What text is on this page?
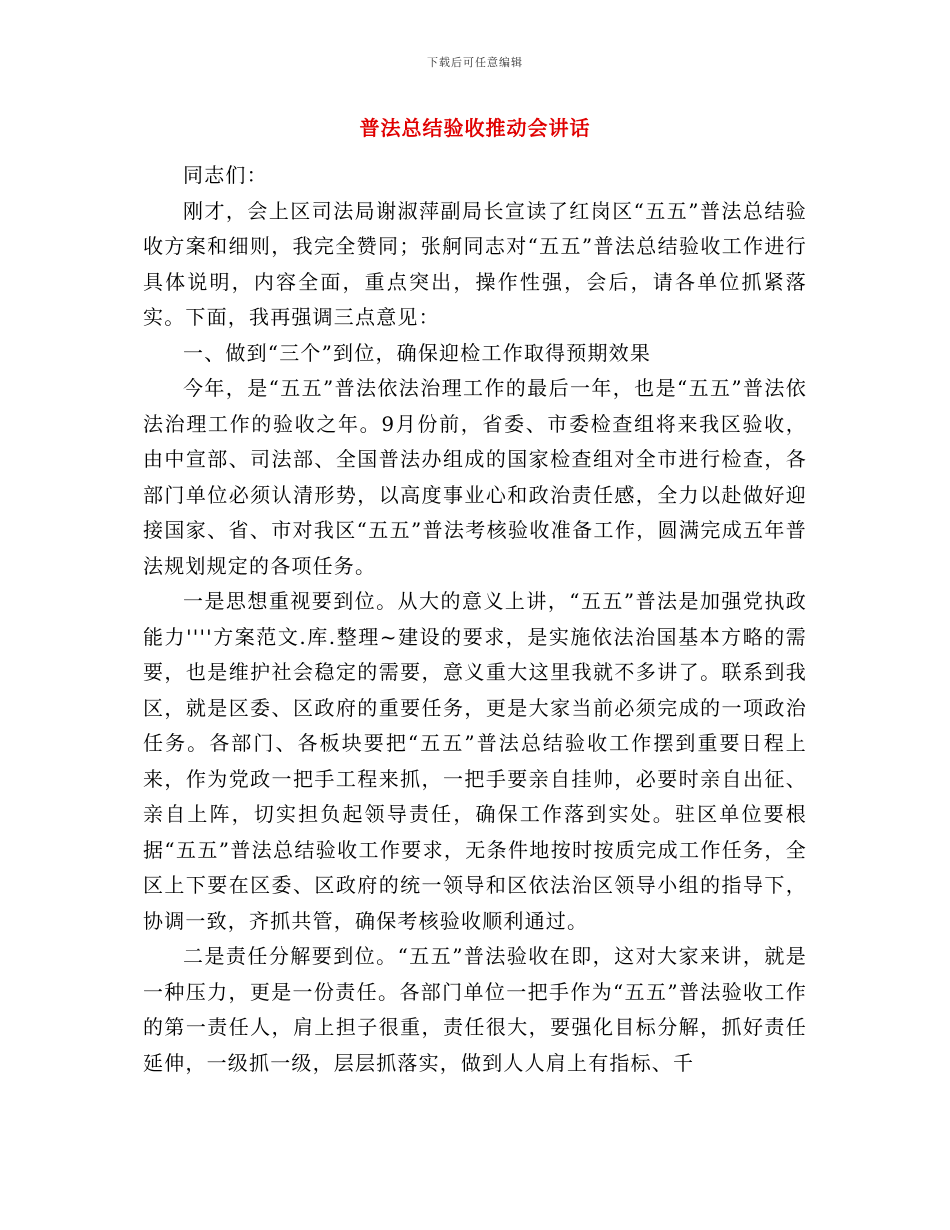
下载后可任意编辑
普法总结验收推动会讲话

同志们：

刚才，会上区司法局谢淑萍副局长宣读了红岗区“五五”普法总结验收方案和细则，我完全赞同；张舸同志对“五五”普法总结验收工作进行具体说明，内容全面，重点突出，操作性强，会后，请各单位抓紧落实。下面，我再强调三点意见：

一、做到“三个”到位，确保迎检工作取得预期效果

今年，是“五五”普法依法治理工作的最后一年，也是“五五”普法依法治理工作的验收之年。9月份前，省委、市委检查组将来我区验收，由中宣部、司法部、全国普法办组成的国家检查组对全市进行检查，各部门单位必须认清形势，以高度事业心和政治责任感，全力以赴做好迎接国家、省、市对我区“五五”普法考核验收准备工作，圆满完成五年普法规划规定的各项任务。

一是思想重视要到位。从大的意义上讲，“五五”普法是加强党执政能力''''方案范文.库.整理~建设的要求，是实施依法治国基本方略的需要，也是维护社会稳定的需要，意义重大这里我就不多讲了。联系到我区，就是区委、区政府的重要任务，更是大家当前必须完成的一项政治任务。各部门、各板块要把“五五”普法总结验收工作摆到重要日程上来，作为党政一把手工程来抓，一把手要亲自挂帅，必要时亲自出征、亲自上阵，切实担负起领导责任，确保工作落到实处。驻区单位要根据“五五”普法总结验收工作要求，无条件地按时按质完成工作任务，全区上下要在区委、区政府的统一领导和区依法治区领导小组的指导下，协调一致，齐抓共管，确保考核验收顺利通过。

二是责任分解要到位。“五五”普法验收在即，这对大家来讲，就是一种压力，更是一份责任。各部门单位一把手作为“五五”普法验收工作的第一责任人，肩上担子很重，责任很大，要强化目标分解，抓好责任延伸，一级抓一级，层层抓落实，做到人人肩上有指标、千
